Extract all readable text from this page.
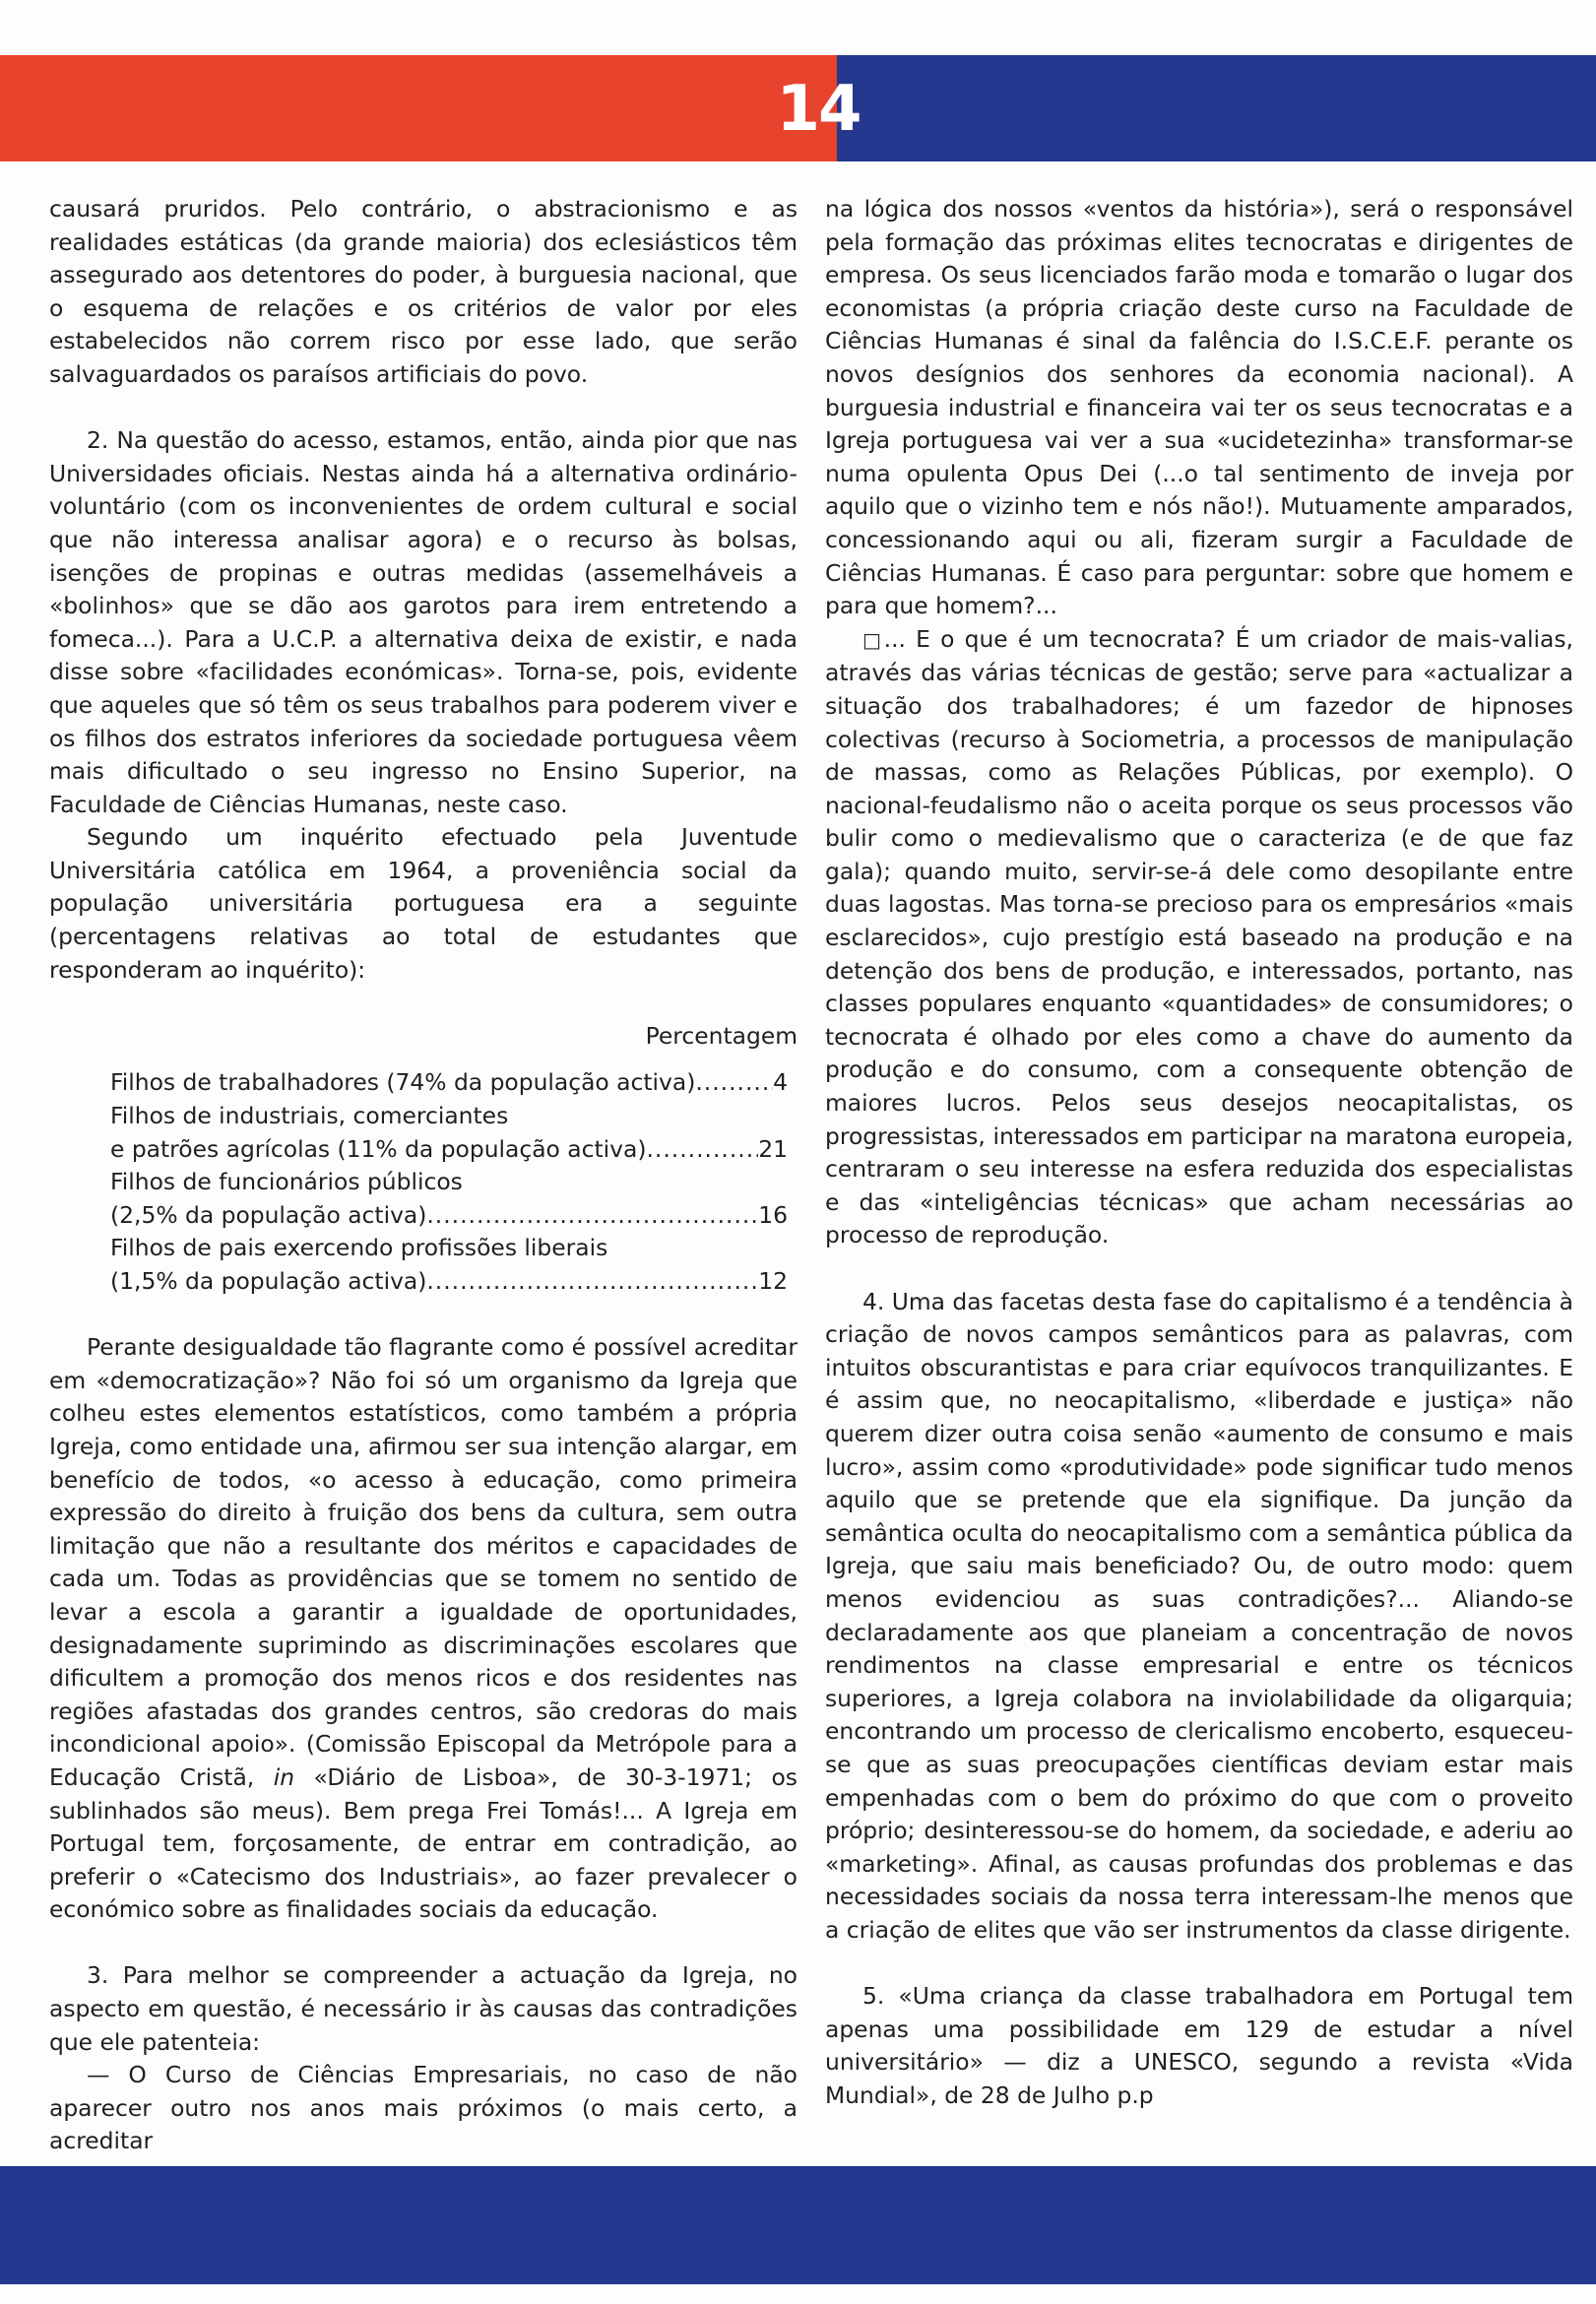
14

causará pruridos. Pelo contrário, o abstracionismo e as realidades estáticas (da grande maioria) dos eclesiásticos têm assegurado aos detentores do poder, à burguesia nacional, que o esquema de relações e os critérios de valor por eles estabelecidos não correm risco por esse lado, que serão salvaguardados os paraísos artificiais do povo.

2. Na questão do acesso, estamos, então, ainda pior que nas Universidades oficiais. Nestas ainda há a alternativa ordinário-voluntário (com os inconvenientes de ordem cultural e social que não interessa analisar agora) e o recurso às bolsas, isenções de propinas e outras medidas (assemelháveis a «bolinhos» que se dão aos garotos para irem entretendo a fomeca...). Para a U.C.P. a alternativa deixa de existir, e nada disse sobre «facilidades económicas». Torna-se, pois, evidente que aqueles que só têm os seus trabalhos para poderem viver e os filhos dos estratos inferiores da sociedade portuguesa vêem mais dificultado o seu ingresso no Ensino Superior, na Faculdade de Ciências Humanas, neste caso.

Segundo um inquérito efectuado pela Juventude Universitária católica em 1964, a proveniência social da população universitária portuguesa era a seguinte (percentagens relativas ao total de estudantes que responderam ao inquérito):

Percentagem

Filhos de trabalhadores (74% da população activa) .....	4
Filhos de industriais, comerciantes
e patrões agrícolas (11% da população activa) .....	21
Filhos de funcionários públicos
(2,5% da população activa) .....	16
Filhos de pais exercendo profissões liberais
(1,5% da população activa) .....	12

Perante desigualdade tão flagrante como é possível acreditar em «democratização»? Não foi só um organismo da Igreja que colheu estes elementos estatísticos, como também a própria Igreja, como entidade una, afirmou ser sua intenção alargar, em benefício de todos, «o acesso à educação, como primeira expressão do direito à fruição dos bens da cultura, sem outra limitação que não a resultante dos méritos e capacidades de cada um. Todas as providências que se tomem no sentido de levar a escola a garantir a igualdade de oportunidades, designadamente suprimindo as discriminações escolares que dificultem a promoção dos menos ricos e dos residentes nas regiões afastadas dos grandes centros, são credoras do mais incondicional apoio». (Comissão Episcopal da Metrópole para a Educação Cristã, in «Diário de Lisboa», de 30-3-1971; os sublinhados são meus). Bem prega Frei Tomás!... A Igreja em Portugal tem, forçosamente, de entrar em contradição, ao preferir o «Catecismo dos Industriais», ao fazer prevalecer o económico sobre as finalidades sociais da educação.

3. Para melhor se compreender a actuação da Igreja, no aspecto em questão, é necessário ir às causas das contradições que ele patenteia:

— O Curso de Ciências Empresariais, no caso de não aparecer outro nos anos mais próximos (o mais certo, a acreditar

na lógica dos nossos «ventos da história»), será o responsável pela formação das próximas elites tecnocratas e dirigentes de empresa. Os seus licenciados farão moda e tomarão o lugar dos economistas (a própria criação deste curso na Faculdade de Ciências Humanas é sinal da falência do I.S.C.E.F. perante os novos desígnios dos senhores da economia nacional). A burguesia industrial e financeira vai ter os seus tecnocratas e a Igreja portuguesa vai ver a sua «ucidetezinha» transformar-se numa opulenta Opus Dei (...o tal sentimento de inveja por aquilo que o vizinho tem e nós não!). Mutuamente amparados, concessionando aqui ou ali, fizeram surgir a Faculdade de Ciências Humanas. É caso para perguntar: sobre que homem e para que homem?...

□... E o que é um tecnocrata? É um criador de mais-valias, através das várias técnicas de gestão; serve para «actualizar a situação dos trabalhadores; é um fazedor de hipnoses colectivas (recurso à Sociometria, a processos de manipulação de massas, como as Relações Públicas, por exemplo). O nacional-feudalismo não o aceita porque os seus processos vão bulir como o medievalismo que o caracteriza (e de que faz gala); quando muito, servir-se-á dele como desopilante entre duas lagostas. Mas torna-se precioso para os empresários «mais esclarecidos», cujo prestígio está baseado na produção e na detenção dos bens de produção, e interessados, portanto, nas classes populares enquanto «quantidades» de consumidores; o tecnocrata é olhado por eles como a chave do aumento da produção e do consumo, com a consequente obtenção de maiores lucros. Pelos seus desejos neocapitalistas, os progressistas, interessados em participar na maratona europeia, centraram o seu interesse na esfera reduzida dos especialistas e das «inteligências técnicas» que acham necessárias ao processo de reprodução.

4. Uma das facetas desta fase do capitalismo é a tendência à criação de novos campos semânticos para as palavras, com intuitos obscurantistas e para criar equívocos tranquilizantes. E é assim que, no neocapitalismo, «liberdade e justiça» não querem dizer outra coisa senão «aumento de consumo e mais lucro», assim como «produtividade» pode significar tudo menos aquilo que se pretende que ela signifique. Da junção da semântica oculta do neocapitalismo com a semântica pública da Igreja, que saiu mais beneficiado? Ou, de outro modo: quem menos evidenciou as suas contradições?... Aliando-se declaradamente aos que planeiam a concentração de novos rendimentos na classe empresarial e entre os técnicos superiores, a Igreja colabora na inviolabilidade da oligarquia; encontrando um processo de clericalismo encoberto, esqueceu-se que as suas preocupações científicas deviam estar mais empenhadas com o bem do próximo do que com o proveito próprio; desinteressou-se do homem, da sociedade, e aderiu ao «marketing». Afinal, as causas profundas dos problemas e das necessidades sociais da nossa terra interessam-lhe menos que a criação de elites que vão ser instrumentos da classe dirigente.

5. «Uma criança da classe trabalhadora em Portugal tem apenas uma possibilidade em 129 de estudar a nível universitário» — diz a UNESCO, segundo a revista «Vida Mundial», de 28 de Julho p.p
